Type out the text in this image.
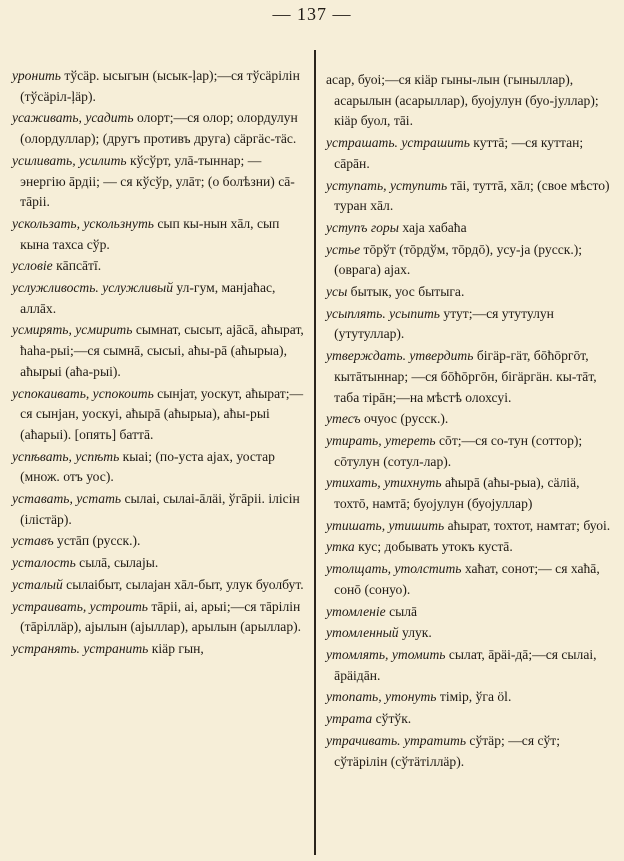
— 137 —

уронить тўсäр. ысыгын (ысык-ļар);—ся тўсäрiлiн (тўсäрiл-ļäр).

усаживать, усадить олорт;—ся олор; олордулун (олордуллар); (другъ противъ друга) сäргäс-тäс.

усиливать, усилить кўсўрт, улā-тыннар; — энергiю āрдii; — ся кўсўр, улāт; (о болѣзни) сā-тāрii.

ускользать, ускользнуть сып кы-нын хāл, сып кына тахса сўр.

условiе кāпсāтī.

услужливость. услужливый ул-гум, манjаћас, аллāх.

усмирять, усмирить сымнат, сысыт, аjāсā, аћырат, ћаhа-рыi;—ся сымнā, сысыi, аћы-рā (аћырыа), аћырыi (аћа-рыi).

успокаивать, успокоить сынjат, уоскут, аћырат;—ся сынjан, уоскуi, аћырā (аћырыа), аћы-рыi (аћарыi). [опять] баттā.

успѣвать, успѣть кыаi; (по-уста аjах, уостар (множ. отъ уос).

уставать, устать сылаi, сылаi-āлäi, ўгāрii. iлiсiн (iлiстäр).

уставъ устāп (русск.).

усталость сылā, сылаjы.

усталый сылаiбыт, сылаjан хāл-быт, улук буолбут.

устраивать, устроить тāрii, аi, арыi;—ся тāрiлiн (тāрiллäр), аjылын (аjыллар), арылын (арыллар).

устранять. устранить кiäр гын,

асар, буоi;—ся кiäр гыны-лын (гыныллар), асарылын (асарыллар), буоjулун (буо-jуллар); кiäр буол, тāi.

устрашать. устрашить куттā; —ся куттан; сāрāн.

уступать, уступить тāi, туттā, хāл; (свое мѣсто) туран хāл.

уступъ горы хаjа хабаћа

устье тōрўт (тōрдўм, тōрдō), усу-jа (русск.); (оврага) аjах.

усы бытык, уос бытыга.

усыплять. усыпить утут;—ся утутулун (утутуллар).

утверждать. утвердить бiгäр-гäт, бōћōргōт, кытāтыннар; —ся бōћōргōн, бiгäргäн. кы-тāт, таба тiрāн;—на мѣстѣ олохсуi.

утесъ очуос (русск.).

утирать, утереть сōт;—ся со-тун (соттор); сōтулун (сотул-лар).

утихать, утихнуть аћырā (аћы-рыа), сäлiä, тохтō, намтā; буоjулун (буоjуллар)

утишать, утишить аћырат, тохтот, намтат; буоi.

утка кус; добывать утокъ кустā.

утолщать, утолстить хаћат, сонот;— ся хаћā, сонō (сонуо).

утомленiе сылā

утомленный улук.

утомлять, утомить сылат, āрäi-дā;—ся сылаi, āрäiдāн.

утопать, утонуть тiмiр, ўга öl.

утрата сўтўк.

утрачивать. утратить сўтäр; —ся сўт; сўтäрiлiн (сўтäтiллäр).
